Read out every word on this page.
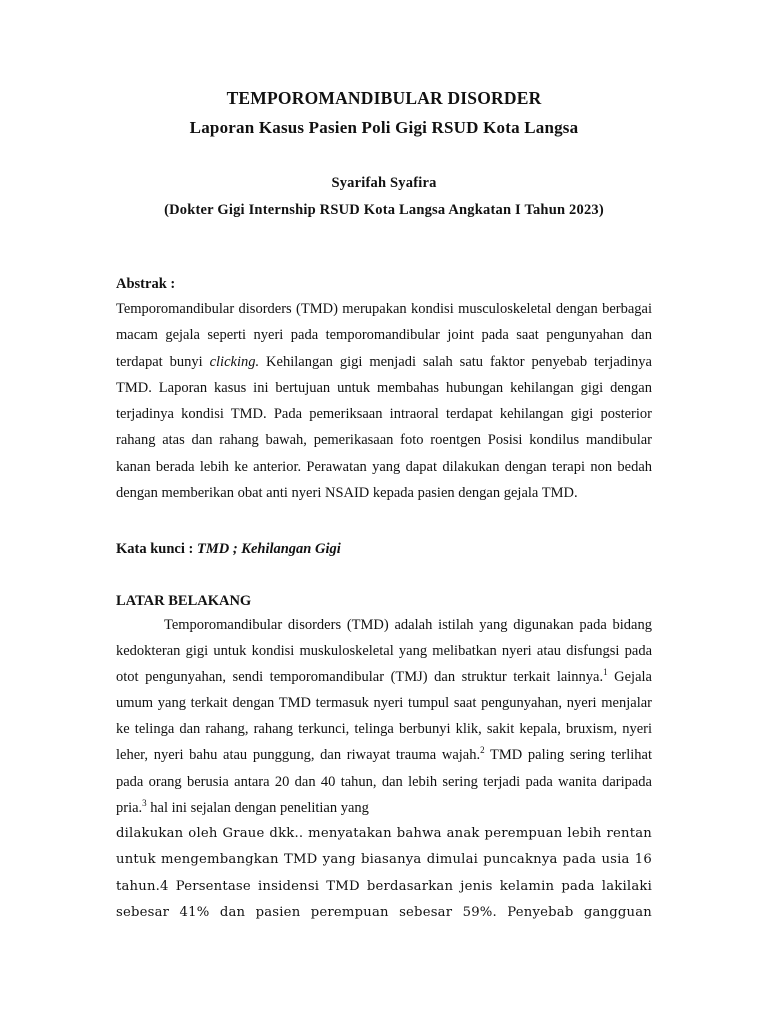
TEMPOROMANDIBULAR DISORDER
Laporan Kasus Pasien Poli Gigi RSUD Kota Langsa
Syarifah Syafira
(Dokter Gigi Internship RSUD Kota Langsa Angkatan I Tahun 2023)
Abstrak :

Temporomandibular disorders (TMD) merupakan kondisi musculoskeletal dengan berbagai macam gejala seperti nyeri pada temporomandibular joint pada saat pengunyahan dan terdapat bunyi clicking. Kehilangan gigi menjadi salah satu faktor penyebab terjadinya TMD. Laporan kasus ini bertujuan untuk membahas hubungan kehilangan gigi dengan terjadinya kondisi TMD. Pada pemeriksaan intraoral terdapat kehilangan gigi posterior rahang atas dan rahang bawah, pemerikasaan foto roentgen Posisi kondilus mandibular kanan berada lebih ke anterior. Perawatan yang dapat dilakukan dengan terapi non bedah dengan memberikan obat anti nyeri NSAID kepada pasien dengan gejala TMD.

Kata kunci : TMD ; Kehilangan Gigi
LATAR BELAKANG

Temporomandibular disorders (TMD) adalah istilah yang digunakan pada bidang kedokteran gigi untuk kondisi muskuloskeletal yang melibatkan nyeri atau disfungsi pada otot pengunyahan, sendi temporomandibular (TMJ) dan struktur terkait lainnya.$^1$ Gejala umum yang terkait dengan TMD termasuk nyeri tumpul saat pengunyahan, nyeri menjalar ke telinga dan rahang, rahang terkunci, telinga berbunyi klik, sakit kepala, bruxism, nyeri leher, nyeri bahu atau punggung, dan riwayat trauma wajah.$^2$ TMD paling sering terlihat pada orang berusia antara 20 dan 40 tahun, dan lebih sering terjadi pada wanita daripada pria.$^3$ hal ini sejalan dengan penelitian yang

dilakukan oleh Graue dkk.. menyatakan bahwa anak perempuan lebih rentan
untuk mengembangkan TMD yang biasanya dimulai puncaknya pada usia 16
tahun.4 Persentase insidensi TMD berdasarkan jenis kelamin pada lakilaki
sebesar 41% dan pasien perempuan sebesar 59%. Penyebab gangguan
